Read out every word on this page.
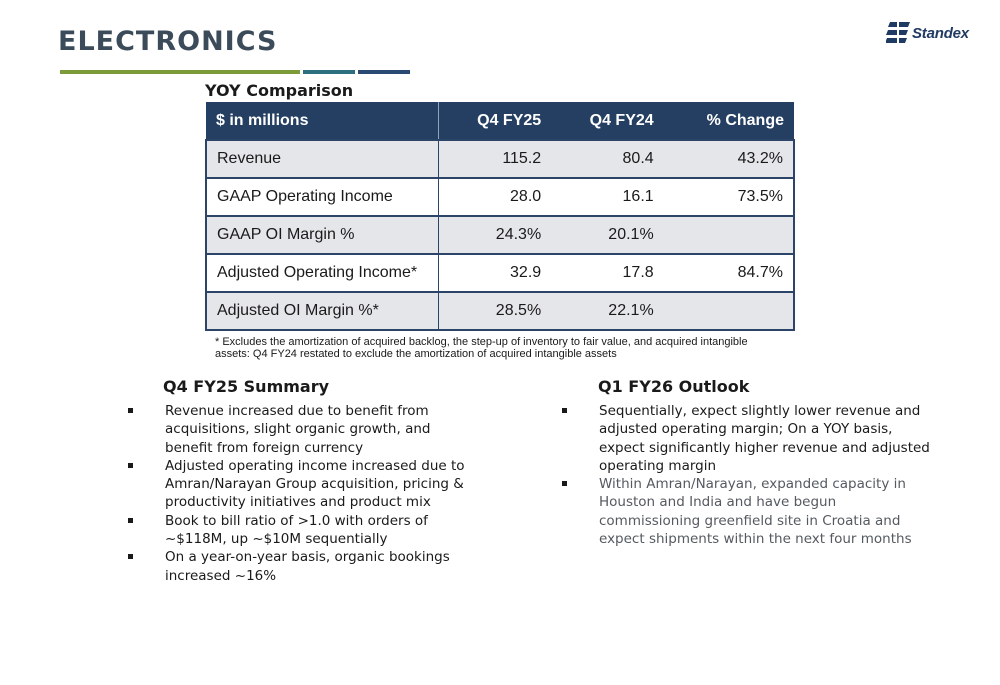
ELECTRONICS	Standex
YOY Comparison
$ in millions	Q4 FY25	Q4 FY24	% Change
Revenue	115.2	80.4	43.2%
GAAP Operating Income	28.0	16.1	73.5%
GAAP OI Margin %	24.3%	20.1%	
Adjusted Operating Income*	32.9	17.8	84.7%
Adjusted OI Margin %*	28.5%	22.1%	
* Excludes the amortization of acquired backlog, the step-up of inventory to fair value, and acquired intangible assets: Q4 FY24 restated to exclude the amortization of acquired intangible assets
Q4 FY25 Summary
Revenue increased due to benefit from acquisitions, slight organic growth, and benefit from foreign currency
Adjusted operating income increased due to Amran/Narayan Group acquisition, pricing & productivity initiatives and product mix
Book to bill ratio of >1.0 with orders of ~$118M, up ~$10M sequentially
On a year-on-year basis, organic bookings increased ~16%
Q1 FY26 Outlook
Sequentially, expect slightly lower revenue and adjusted operating margin; On a YOY basis, expect significantly higher revenue and adjusted operating margin
Within Amran/Narayan, expanded capacity in Houston and India and have begun commissioning greenfield site in Croatia and expect shipments within the next four months
